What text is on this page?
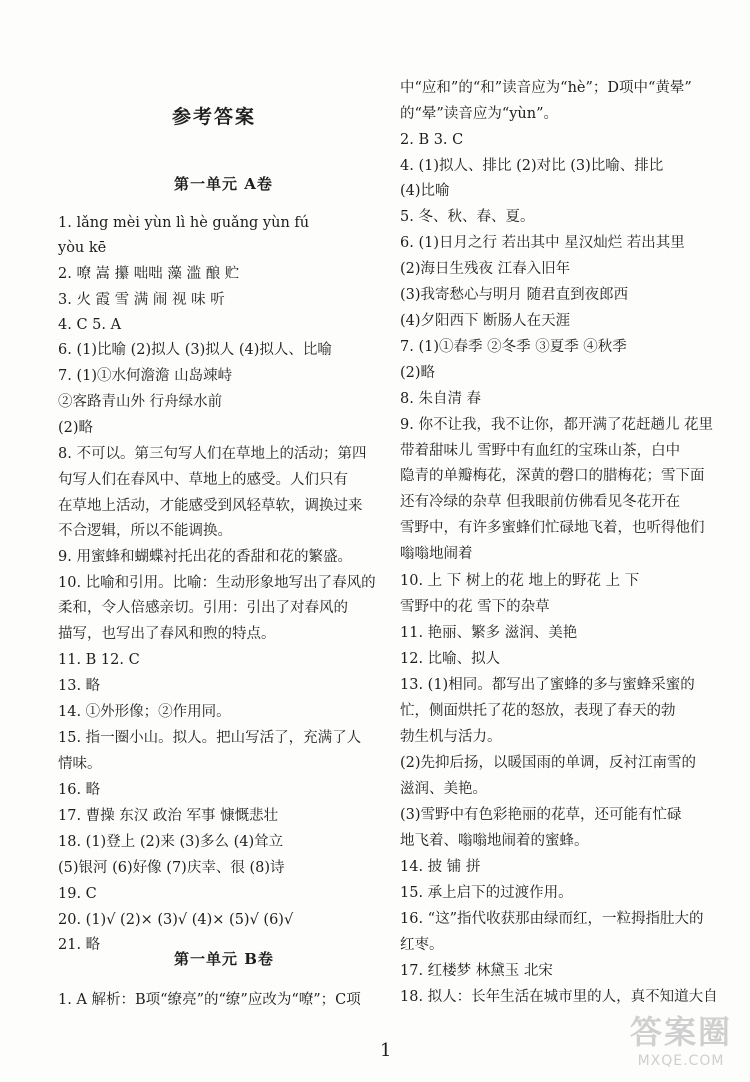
参考答案
第一单元 A卷
1. lǎng mèi yùn lì hè guǎng yùn fú
yòu kē
2. 嘹 嵩 攥 咄咄 藻 滥 酿 贮
3. 火 霞 雪 满 闹 视 味 听
4. C 5. A
6. (1)比喻 (2)拟人 (3)拟人 (4)拟人、比喻
7. (1)①水何澹澹 山岛竦峙
②客路青山外 行舟绿水前
(2)略
8. 不可以。第三句写人们在草地上的活动；第四
句写人们在春风中、草地上的感受。人们只有
在草地上活动，才能感受到风轻草软，调换过来
不合逻辑，所以不能调换。
9. 用蜜蜂和蝴蝶衬托出花的香甜和花的繁盛。
10. 比喻和引用。比喻：生动形象地写出了春风的
柔和，令人倍感亲切。引用：引出了对春风的
描写，也写出了春风和煦的特点。
11. B 12. C
13. 略
14. ①外形像；②作用同。
15. 指一圈小山。拟人。把山写活了，充满了人
情味。
16. 略
17. 曹操 东汉 政治 军事 慷慨悲壮
18. (1)登上 (2)来 (3)多么 (4)耸立
(5)银河 (6)好像 (7)庆幸、很 (8)诗
19. C
20. (1)√ (2)× (3)√ (4)× (5)√ (6)√
21. 略
第一单元 B卷
1. A 解析：B项“缭亮”的“缭”应改为“嘹”；C项
中“应和”的“和”读音应为“hè”；D项中“黄晕”
的“晕”读音应为“yùn”。
2. B 3. C
4. (1)拟人、排比 (2)对比 (3)比喻、排比
(4)比喻
5. 冬、秋、春、夏。
6. (1)日月之行 若出其中 星汉灿烂 若出其里
(2)海日生残夜 江春入旧年
(3)我寄愁心与明月 随君直到夜郎西
(4)夕阳西下 断肠人在天涯
7. (1)①春季 ②冬季 ③夏季 ④秋季
(2)略
8. 朱自清 春
9. 你不让我，我不让你，都开满了花赶趟儿 花里
带着甜味儿 雪野中有血红的宝珠山茶，白中
隐青的单瓣梅花，深黄的磬口的腊梅花；雪下面
还有冷绿的杂草 但我眼前仿佛看见冬花开在
雪野中，有许多蜜蜂们忙碌地飞着，也听得他们
嗡嗡地闹着
10. 上 下 树上的花 地上的野花 上 下
雪野中的花 雪下的杂草
11. 艳丽、繁多 滋润、美艳
12. 比喻、拟人
13. (1)相同。都写出了蜜蜂的多与蜜蜂采蜜的
忙，侧面烘托了花的怒放，表现了春天的勃
勃生机与活力。
(2)先抑后扬，以暖国雨的单调，反衬江南雪的
滋润、美艳。
(3)雪野中有色彩艳丽的花草，还可能有忙碌
地飞着、嗡嗡地闹着的蜜蜂。
14. 披 铺 拼
15. 承上启下的过渡作用。
16. “这”指代收获那由绿而红，一粒拇指肚大的
红枣。
17. 红楼梦 林黛玉 北宋
18. 拟人：长年生活在城市里的人，真不知道大自
1	答案圈
MXQE.COM
